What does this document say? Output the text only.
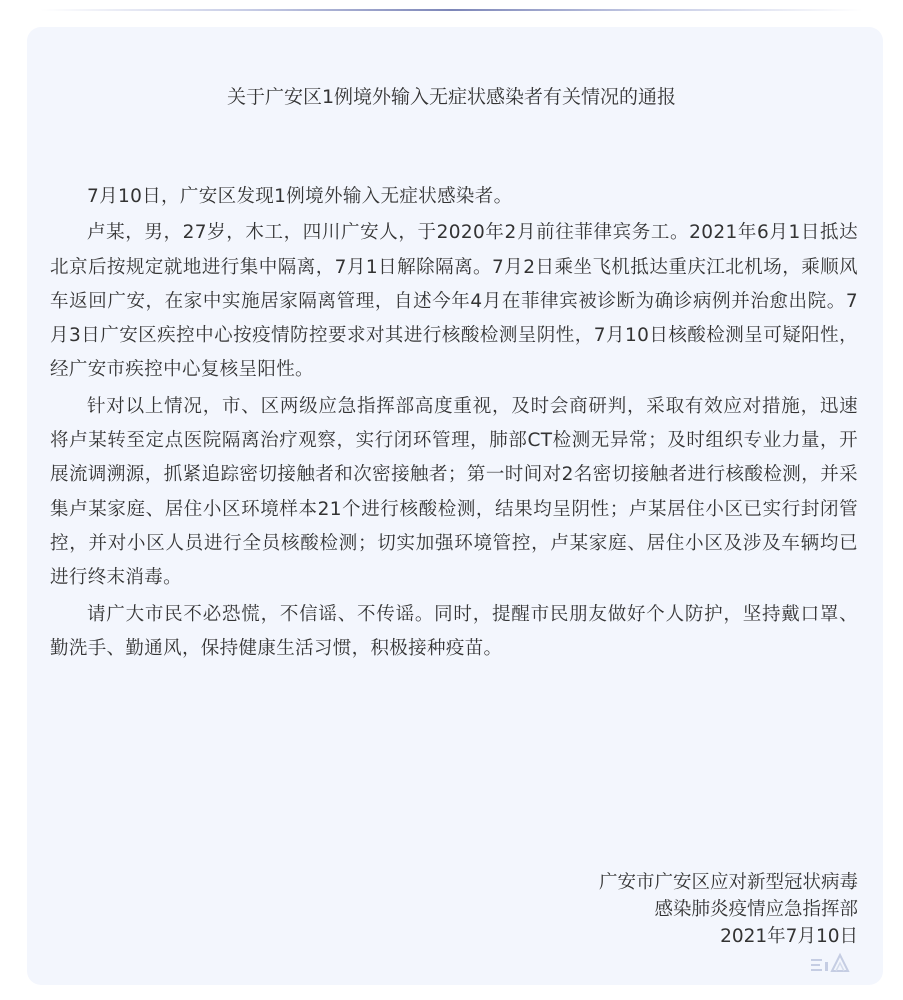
关于广安区1例境外输入无症状感染者有关情况的通报

7月10日，广安区发现1例境外输入无症状感染者。

卢某，男，27岁，木工，四川广安人，于2020年2月前往菲律宾务工。2021年6月1日抵达北京后按规定就地进行集中隔离，7月1日解除隔离。7月2日乘坐飞机抵达重庆江北机场，乘顺风车返回广安，在家中实施居家隔离管理，自述今年4月在菲律宾被诊断为确诊病例并治愈出院。7月3日广安区疾控中心按疫情防控要求对其进行核酸检测呈阴性，7月10日核酸检测呈可疑阳性，经广安市疾控中心复核呈阳性。

针对以上情况，市、区两级应急指挥部高度重视，及时会商研判，采取有效应对措施，迅速将卢某转至定点医院隔离治疗观察，实行闭环管理，肺部CT检测无异常；及时组织专业力量，开展流调溯源，抓紧追踪密切接触者和次密接触者；第一时间对2名密切接触者进行核酸检测，并采集卢某家庭、居住小区环境样本21个进行核酸检测，结果均呈阴性；卢某居住小区已实行封闭管控，并对小区人员进行全员核酸检测；切实加强环境管控，卢某家庭、居住小区及涉及车辆均已进行终末消毒。

请广大市民不必恐慌，不信谣、不传谣。同时，提醒市民朋友做好个人防护，坚持戴口罩、勤洗手、勤通风，保持健康生活习惯，积极接种疫苗。

广安市广安区应对新型冠状病毒
感染肺炎疫情应急指挥部
2021年7月10日
